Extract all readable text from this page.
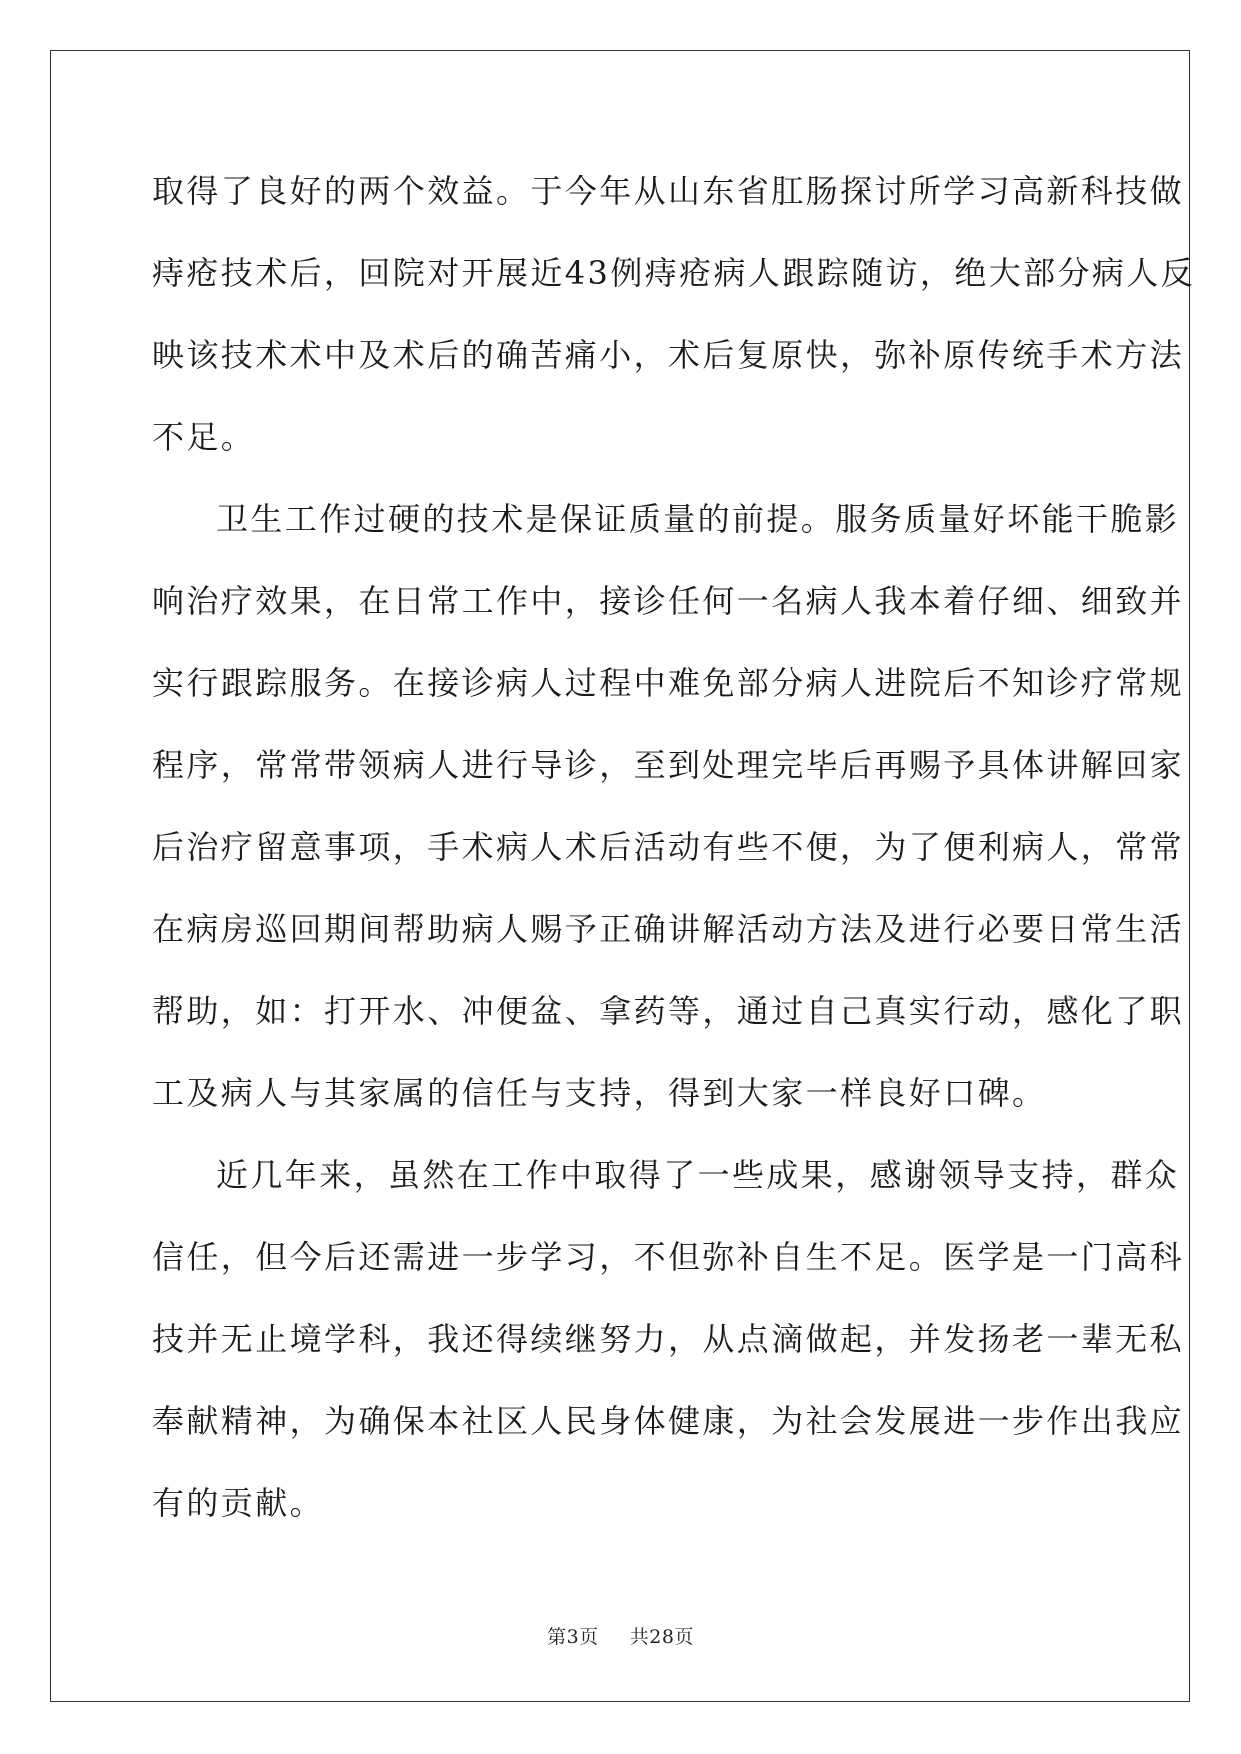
取得了良好的两个效益。于今年从山东省肛肠探讨所学习高新科技做
痔疮技术后，回院对开展近43例痔疮病人跟踪随访，绝大部分病人反
映该技术术中及术后的确苦痛小，术后复原快，弥补原传统手术方法
不足。
卫生工作过硬的技术是保证质量的前提。服务质量好坏能干脆影
响治疗效果，在日常工作中，接诊任何一名病人我本着仔细、细致并
实行跟踪服务。在接诊病人过程中难免部分病人进院后不知诊疗常规
程序，常常带领病人进行导诊，至到处理完毕后再赐予具体讲解回家
后治疗留意事项，手术病人术后活动有些不便，为了便利病人，常常
在病房巡回期间帮助病人赐予正确讲解活动方法及进行必要日常生活
帮助，如：打开水、冲便盆、拿药等，通过自己真实行动，感化了职
工及病人与其家属的信任与支持，得到大家一样良好口碑。
近几年来，虽然在工作中取得了一些成果，感谢领导支持，群众
信任，但今后还需进一步学习，不但弥补自生不足。医学是一门高科
技并无止境学科，我还得续继努力，从点滴做起，并发扬老一辈无私
奉献精神，为确保本社区人民身体健康，为社会发展进一步作出我应
有的贡献。
第3页 共28页
